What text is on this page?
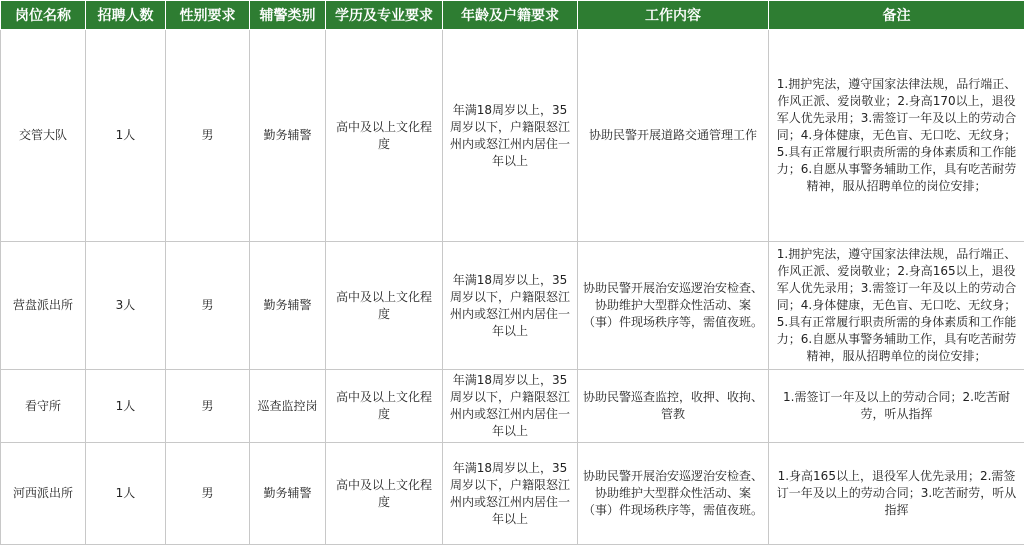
岗位名称	招聘人数	性别要求	辅警类别	学历及专业要求	年龄及户籍要求	工作内容	备注
交管大队	1人	男	勤务辅警	高中及以上文化程度	年满18周岁以上，35周岁以下，户籍限怒江州内或怒江州内居住一年以上	协助民警开展道路交通管理工作	1.拥护宪法，遵守国家法律法规，品行端正、作风正派、爱岗敬业；2.身高170以上，退役军人优先录用；3.需签订一年及以上的劳动合同；4.身体健康，无色盲、无口吃、无纹身；5.具有正常履行职责所需的身体素质和工作能力；6.自愿从事警务辅助工作，具有吃苦耐劳精神，服从招聘单位的岗位安排；
营盘派出所	3人	男	勤务辅警	高中及以上文化程度	年满18周岁以上，35周岁以下，户籍限怒江州内或怒江州内居住一年以上	协助民警开展治安巡逻治安检查、协助维护大型群众性活动、案（事）件现场秩序等，需值夜班。	1.拥护宪法，遵守国家法律法规，品行端正、作风正派、爱岗敬业；2.身高165以上，退役军人优先录用；3.需签订一年及以上的劳动合同；4.身体健康，无色盲、无口吃、无纹身；5.具有正常履行职责所需的身体素质和工作能力；6.自愿从事警务辅助工作，具有吃苦耐劳精神，服从招聘单位的岗位安排；
看守所	1人	男	巡查监控岗	高中及以上文化程度	年满18周岁以上，35周岁以下，户籍限怒江州内或怒江州内居住一年以上	协助民警巡查监控，收押、收拘、管教	1.需签订一年及以上的劳动合同；2.吃苦耐劳，听从指挥
河西派出所	1人	男	勤务辅警	高中及以上文化程度	年满18周岁以上，35周岁以下，户籍限怒江州内或怒江州内居住一年以上	协助民警开展治安巡逻治安检查、协助维护大型群众性活动、案（事）件现场秩序等，需值夜班。	1.身高165以上，退役军人优先录用；2.需签订一年及以上的劳动合同；3.吃苦耐劳，听从指挥
